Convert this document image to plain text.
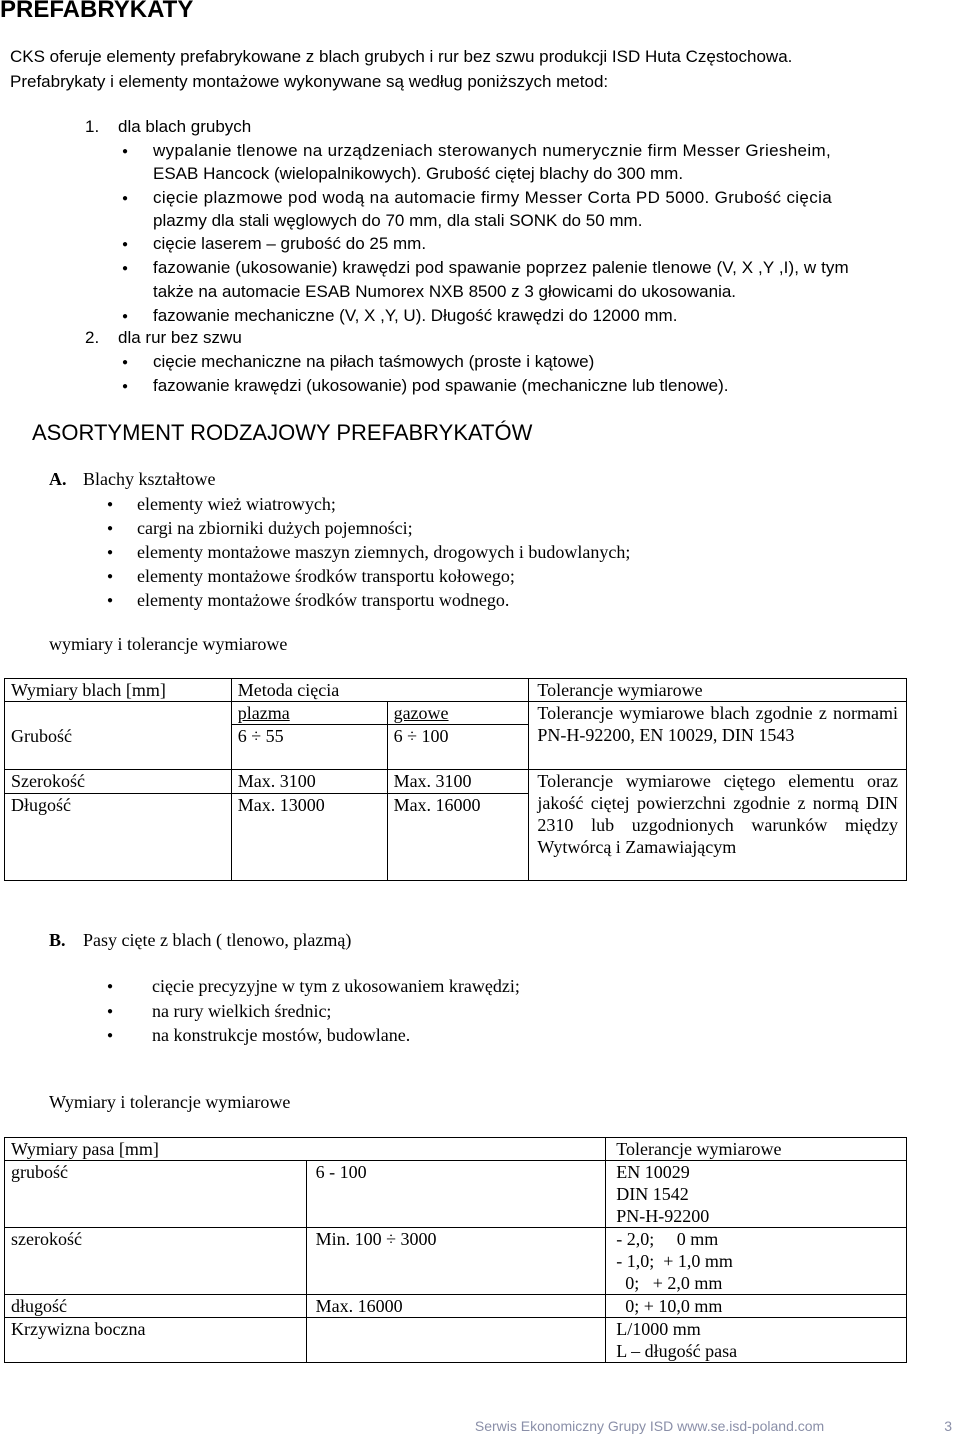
PREFABRYKATY
CKS oferuje elementy prefabrykowane z blach grubych i rur bez szwu produkcji ISD Huta Częstochowa.
Prefabrykaty i elementy montażowe wykonywane są według poniższych metod:
1. dla blach grubych
● wypalanie tlenowe na urządzeniach sterowanych numerycznie firm Messer Griesheim,
ESAB Hancock (wielopalnikowych). Grubość ciętej blachy do 300 mm.
● cięcie plazmowe pod wodą na automacie firmy Messer Corta PD 5000. Grubość cięcia
plazmy dla stali węglowych do 70 mm, dla stali SONK do 50 mm.
● cięcie laserem – grubość do 25 mm.
● fazowanie (ukosowanie) krawędzi pod spawanie poprzez palenie tlenowe (V, X ,Y ,I), w tym
także na automacie ESAB Numorex NXB 8500 z 3 głowicami do ukosowania.
● fazowanie mechaniczne (V, X ,Y, U). Długość krawędzi do 12000 mm.
2. dla rur bez szwu
● cięcie mechaniczne na piłach taśmowych (proste i kątowe)
● fazowanie krawędzi (ukosowanie) pod spawanie (mechaniczne lub tlenowe).
ASORTYMENT RODZAJOWY PREFABRYKATÓW
A. Blachy kształtowe
● elementy wież wiatrowych;
● cargi na zbiorniki dużych pojemności;
● elementy montażowe maszyn ziemnych, drogowych i budowlanych;
● elementy montażowe środków transportu kołowego;
● elementy montażowe środków transportu wodnego.
wymiary i tolerancje wymiarowe
Wymiary blach [mm]	Metoda cięcia		Tolerancje wymiarowe
	plazma	gazowe	Tolerancje wymiarowe blach zgodnie z normami PN-H-92200, EN 10029, DIN 1543
Grubość	6 ÷ 55	6 ÷ 100	

Szerokość	Max. 3100	Max. 3100	Tolerancje wymiarowe ciętego elementu oraz jakość ciętej powierzchni zgodnie z normą DIN 2310 lub uzgodnionych warunków między Wytwórcą i Zamawiającym
Długość	Max. 13000	Max. 16000	
B. Pasy cięte z blach ( tlenowo, plazmą)
● cięcie precyzyjne w tym z ukosowaniem krawędzi;
● na rury wielkich średnic;
● na konstrukcje mostów, budowlane.
Wymiary i tolerancje wymiarowe
Wymiary pasa [mm]		Tolerancje wymiarowe
grubość	6 - 100	EN 10029
DIN 1542
PN-H-92200

szerokość	Min. 100 ÷ 3000	- 2,0;     0 mm
- 1,0;  + 1,0 mm
0;   + 2,0 mm

długość	Max. 16000	0; + 10,0 mm

Krzywizna boczna		L/1000 mm
L – długość pasa
Serwis Ekonomiczny Grupy ISD www.se.isd-poland.com	3
